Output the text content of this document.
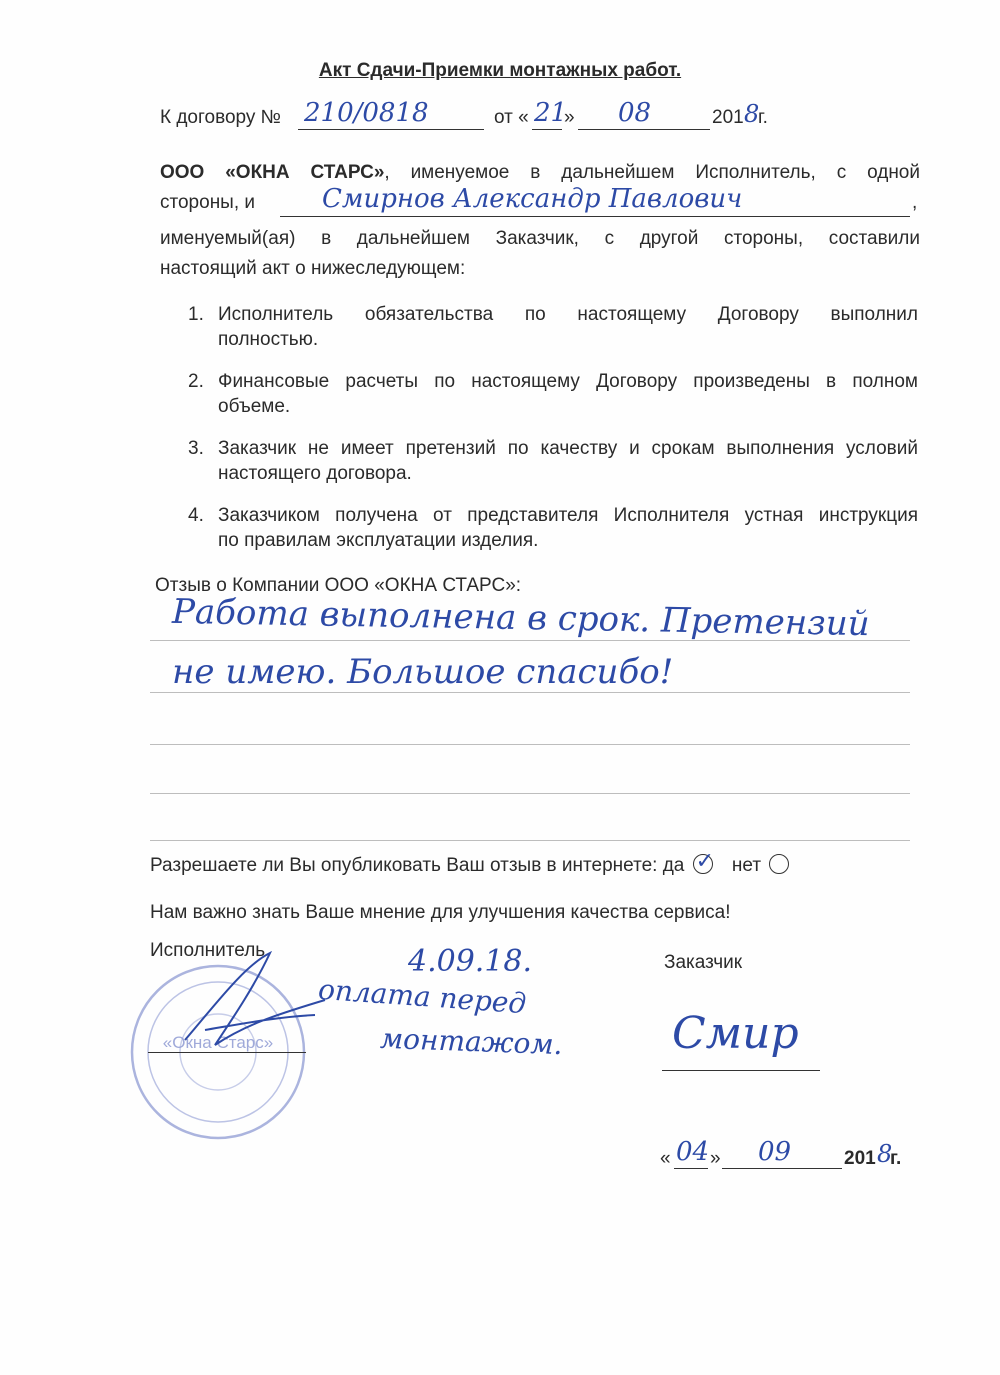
Акт Сдачи-Приемки монтажных работ.
К договору № 210/0818	от « 21
» 08	201 8
г.
ООО «ОКНА СТАРС», именуемое в дальнейшем Исполнитель, с одной
стороны, и	Смирнов Александр Павлович	,
именуемый(ая) в дальнейшем Заказчик, с другой стороны, составили
настоящий акт о нижеследующем:
1. Исполнитель обязательства по настоящему Договору выполнил
полностью.
2. Финансовые расчеты по настоящему Договору произведены в полном
объеме.
3. Заказчик не имеет претензий по качеству и срокам выполнения условий
настоящего договора.
4. Заказчиком получена от представителя Исполнителя устная инструкция
по правилам эксплуатации изделия.
Отзыв о Компании ООО «ОКНА СТАРС»:
Работа выполнена в срок. Претензий
не имею. Большое спасибо!
Разрешаете ли Вы опубликовать Ваш отзыв в интернете: да ✓ нет
Нам важно знать Ваше мнение для улучшения качества сервиса!
Исполнитель
Заказчик
«Окна Старс»
4.09.18.
оплата перед
монтажом. Смир
« 04 » 09	201 8
г.
